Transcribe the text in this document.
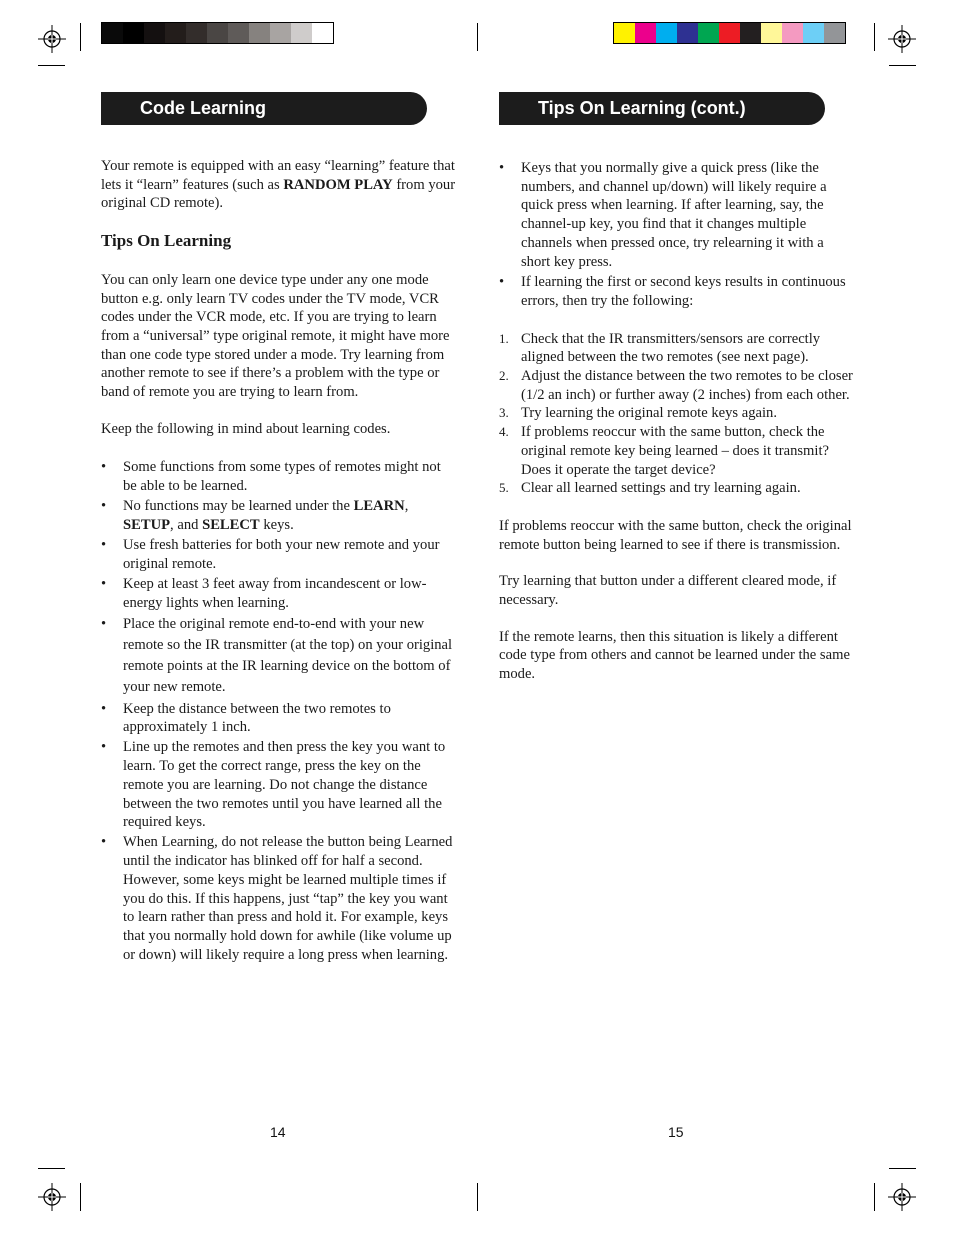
Code Learning

Your remote is equipped with an easy “learning” feature that lets it “learn” features (such as RANDOM PLAY from your original CD remote).

Tips On Learning

You can only learn one device type under any one mode button e.g. only learn TV codes under the TV mode, VCR codes under the VCR mode, etc. If you are trying to learn from a “universal” type original remote, it might have more than one code type stored under a mode. Try learning from another remote to see if there’s a problem with the type or band of remote you are trying to learn from.

Keep the following in mind about learning codes.

• Some functions from some types of remotes might not be able to be learned.
• No functions may be learned under the LEARN, SETUP, and SELECT keys.
• Use fresh batteries for both your new remote and your original remote.
• Keep at least 3 feet away from incandescent or low-energy lights when learning.
• Place the original remote end-to-end with your new remote so the IR transmitter (at the top) on your original remote points at the IR learning device on the bottom of your new remote.
• Keep the distance between the two remotes to approximately 1 inch.
• Line up the remotes and then press the key you want to learn. To get the correct range, press the key on the remote you are learning. Do not change the distance between the two remotes until you have learned all the required keys.
• When Learning, do not release the button being Learned until the indicator has blinked off for half a second. However, some keys might be learned multiple times if you do this. If this happens, just “tap” the key you want to learn rather than press and hold it. For example, keys that you normally hold down for awhile (like volume up or down) will likely require a long press when learning.
14
Tips On Learning (cont.)
• Keys that you normally give a quick press (like the numbers, and channel up/down) will likely require a quick press when learning. If after learning, say, the channel-up key, you find that it changes multiple channels when pressed once, try relearning it with a short key press.
• If learning the first or second keys results in continuous errors, then try the following:
1. Check that the IR transmitters/sensors are correctly aligned between the two remotes (see next page).
2. Adjust the distance between the two remotes to be closer (1/2 an inch) or further away (2 inches) from each other.
3. Try learning the original remote keys again.
4. If problems reoccur with the same button, check the original remote key being learned – does it transmit? Does it operate the target device?
5. Clear all learned settings and try learning again.

If problems reoccur with the same button, check the original remote button being learned to see if there is transmission.

Try learning that button under a different cleared mode, if necessary.

If the remote learns, then this situation is likely a different code type from others and cannot be learned under the same mode.

15
